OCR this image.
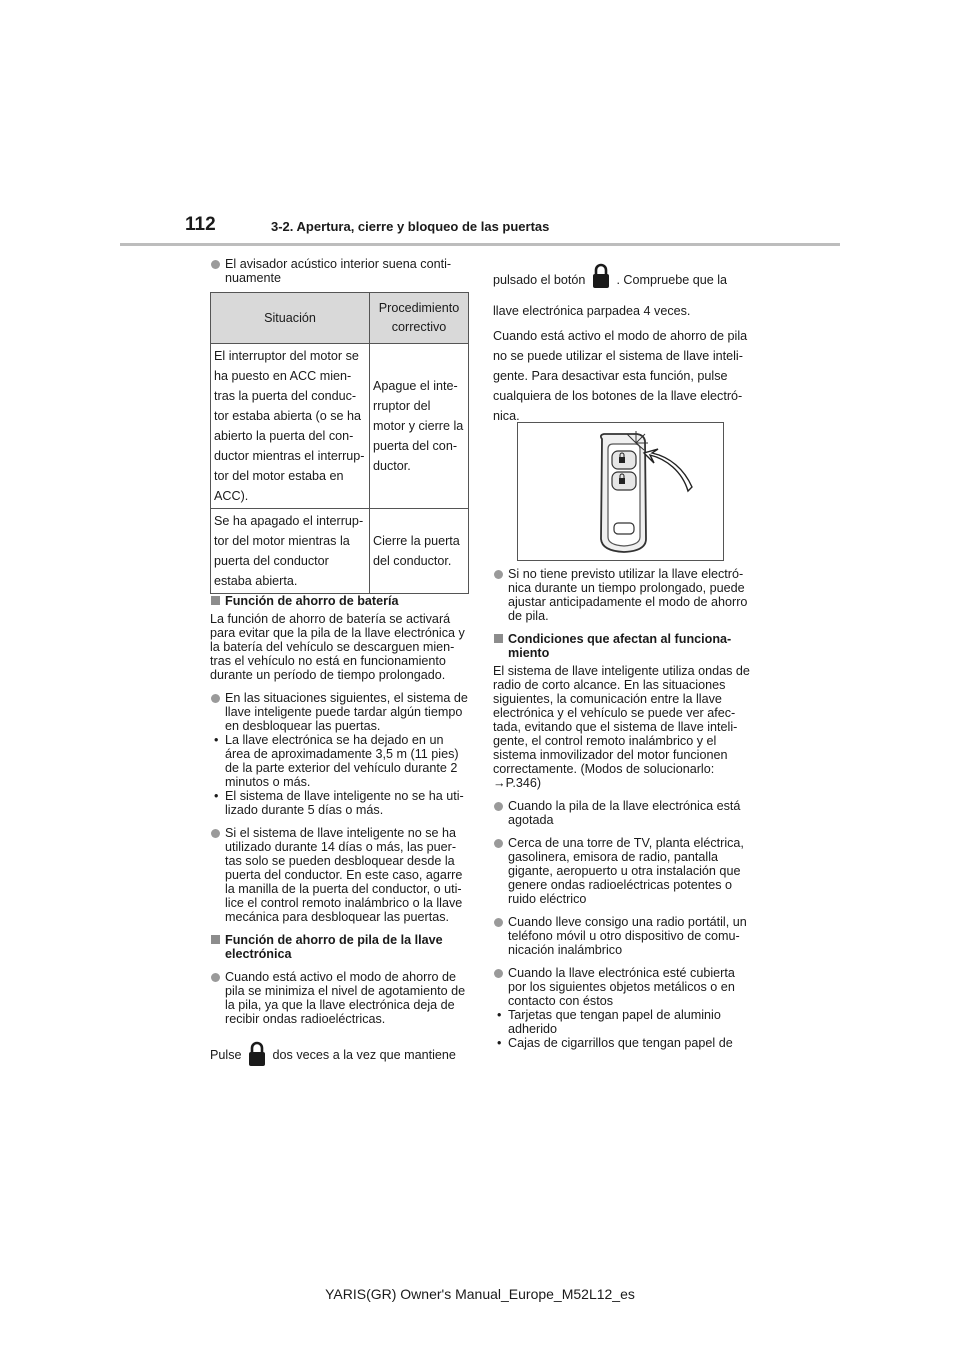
112	3-2. Apertura, cierre y bloqueo de las puertas

El avisador acústico interior suena conti- nuamente

Situación	Procedimiento correctivo
El interruptor del motor se ha puesto en ACC mien- tras la puerta del conduc- tor estaba abierta (o se ha abierto la puerta del con- ductor mientras el interrup- tor del motor estaba en ACC).	Apague el inte- rruptor del motor y cierre la puerta del con- ductor.
Se ha apagado el interrup- tor del motor mientras la puerta del conductor estaba abierta.	Cierre la puerta del conductor.

Función de ahorro de batería

La función de ahorro de batería se activará para evitar que la pila de la llave electrónica y la batería del vehículo se descarguen mien- tras el vehículo no está en funcionamiento durante un período de tiempo prolongado.

En las situaciones siguientes, el sistema de llave inteligente puede tardar algún tiempo en desbloquear las puertas.

• La llave electrónica se ha dejado en un área de aproximadamente 3,5 m (11 pies) de la parte exterior del vehículo durante 2 minutos o más.

• El sistema de llave inteligente no se ha uti- lizado durante 5 días o más.

Si el sistema de llave inteligente no se ha utilizado durante 14 días o más, las puer- tas solo se pueden desbloquear desde la puerta del conductor. En este caso, agarre la manilla de la puerta del conductor, o uti- lice el control remoto inalámbrico o la llave mecánica para desbloquear las puertas.

Función de ahorro de pila de la llave electrónica

Cuando está activo el modo de ahorro de pila se minimiza el nivel de agotamiento de la pila, ya que la llave electrónica deja de recibir ondas radioeléctricas.

Pulse dos veces a la vez que mantiene

pulsado el botón . Compruebe que la llave electrónica parpadea 4 veces.

Cuando está activo el modo de ahorro de pila no se puede utilizar el sistema de llave inteli- gente. Para desactivar esta función, pulse cualquiera de los botones de la llave electró- nica.

Si no tiene previsto utilizar la llave electró- nica durante un tiempo prolongado, puede ajustar anticipadamente el modo de ahorro de pila.

Condiciones que afectan al funciona- miento

El sistema de llave inteligente utiliza ondas de radio de corto alcance. En las situaciones siguientes, la comunicación entre la llave electrónica y el vehículo se puede ver afec- tada, evitando que el sistema de llave inteli- gente, el control remoto inalámbrico y el sistema inmovilizador del motor funcionen correctamente. (Modos de solucionarlo:

→P.346)

Cuando la pila de la llave electrónica está agotada

Cerca de una torre de TV, planta eléctrica, gasolinera, emisora de radio, pantalla gigante, aeropuerto u otra instalación que genere ondas radioeléctricas potentes o ruido eléctrico

Cuando lleve consigo una radio portátil, un teléfono móvil u otro dispositivo de comu- nicación inalámbrico

Cuando la llave electrónica esté cubierta por los siguientes objetos metálicos o en contacto con éstos

• Tarjetas que tengan papel de aluminio adherido

• Cajas de cigarrillos que tengan papel de

YARIS(GR) Owner's Manual_Europe_M52L12_es
